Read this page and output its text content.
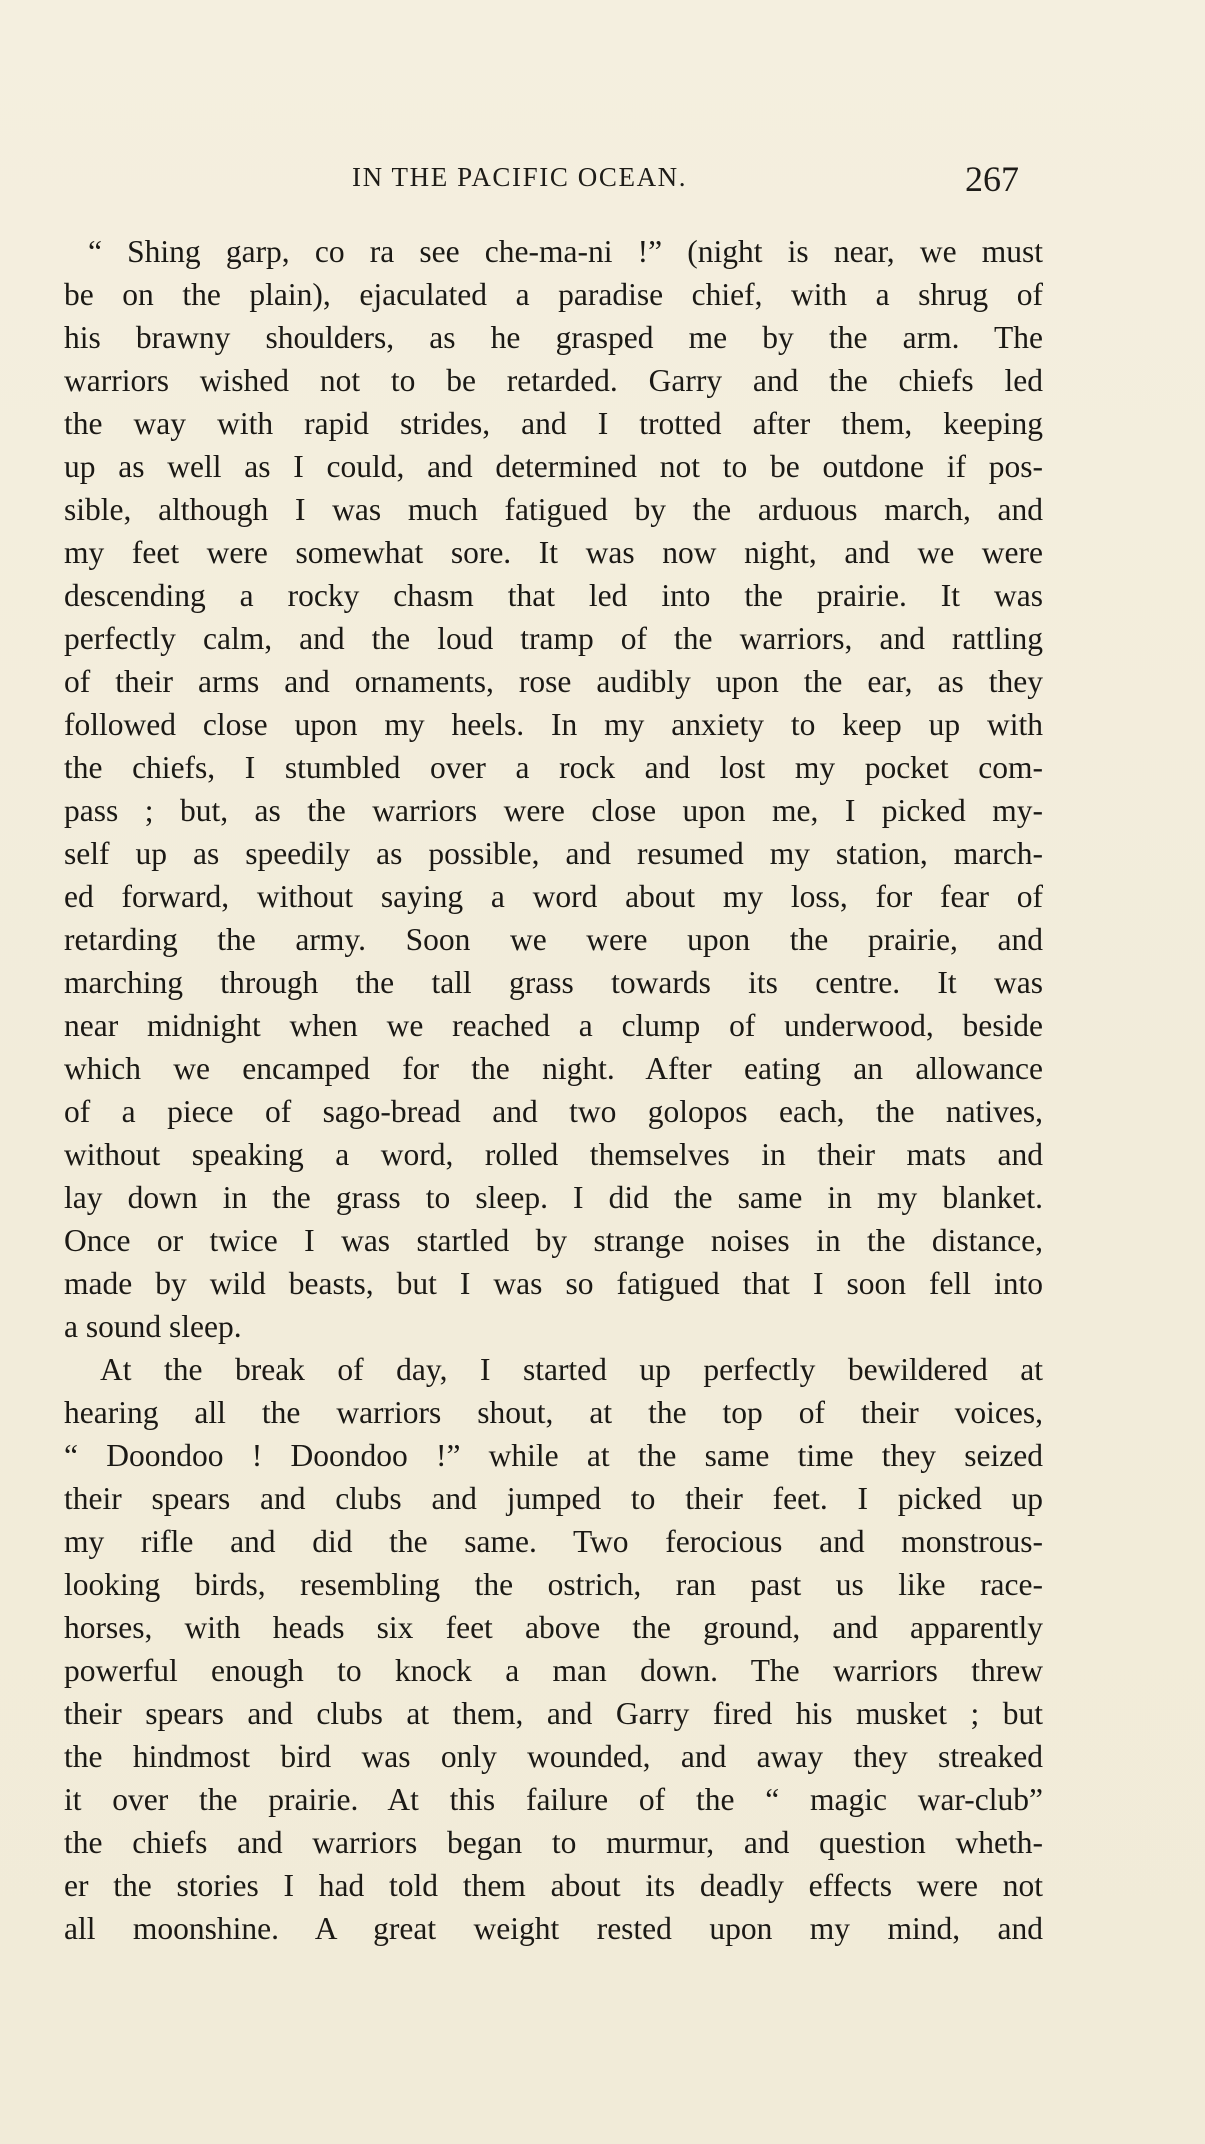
IN THE PACIFIC OCEAN.	267
“ Shing garp, co ra see che-ma-ni !” (night is near, we must
be on the plain), ejaculated a paradise chief, with a shrug of
his brawny shoulders, as he grasped me by the arm. The
warriors wished not to be retarded. Garry and the chiefs led
the way with rapid strides, and I trotted after them, keeping
up as well as I could, and determined not to be outdone if pos-
sible, although I was much fatigued by the arduous march, and
my feet were somewhat sore. It was now night, and we were
descending a rocky chasm that led into the prairie. It was
perfectly calm, and the loud tramp of the warriors, and rattling
of their arms and ornaments, rose audibly upon the ear, as they
followed close upon my heels. In my anxiety to keep up with
the chiefs, I stumbled over a rock and lost my pocket com-
pass ; but, as the warriors were close upon me, I picked my-
self up as speedily as possible, and resumed my station, march-
ed forward, without saying a word about my loss, for fear of
retarding the army. Soon we were upon the prairie, and
marching through the tall grass towards its centre. It was
near midnight when we reached a clump of underwood, beside
which we encamped for the night. After eating an allowance
of a piece of sago-bread and two golopos each, the natives,
without speaking a word, rolled themselves in their mats and
lay down in the grass to sleep. I did the same in my blanket.
Once or twice I was startled by strange noises in the distance,
made by wild beasts, but I was so fatigued that I soon fell into
a sound sleep.
At the break of day, I started up perfectly bewildered at
hearing all the warriors shout, at the top of their voices,
“ Doondoo ! Doondoo !” while at the same time they seized
their spears and clubs and jumped to their feet. I picked up
my rifle and did the same. Two ferocious and monstrous-
looking birds, resembling the ostrich, ran past us like race-
horses, with heads six feet above the ground, and apparently
powerful enough to knock a man down. The warriors threw
their spears and clubs at them, and Garry fired his musket ; but
the hindmost bird was only wounded, and away they streaked
it over the prairie. At this failure of the “ magic war-club”
the chiefs and warriors began to murmur, and question wheth-
er the stories I had told them about its deadly effects were not
all moonshine. A great weight rested upon my mind, and
